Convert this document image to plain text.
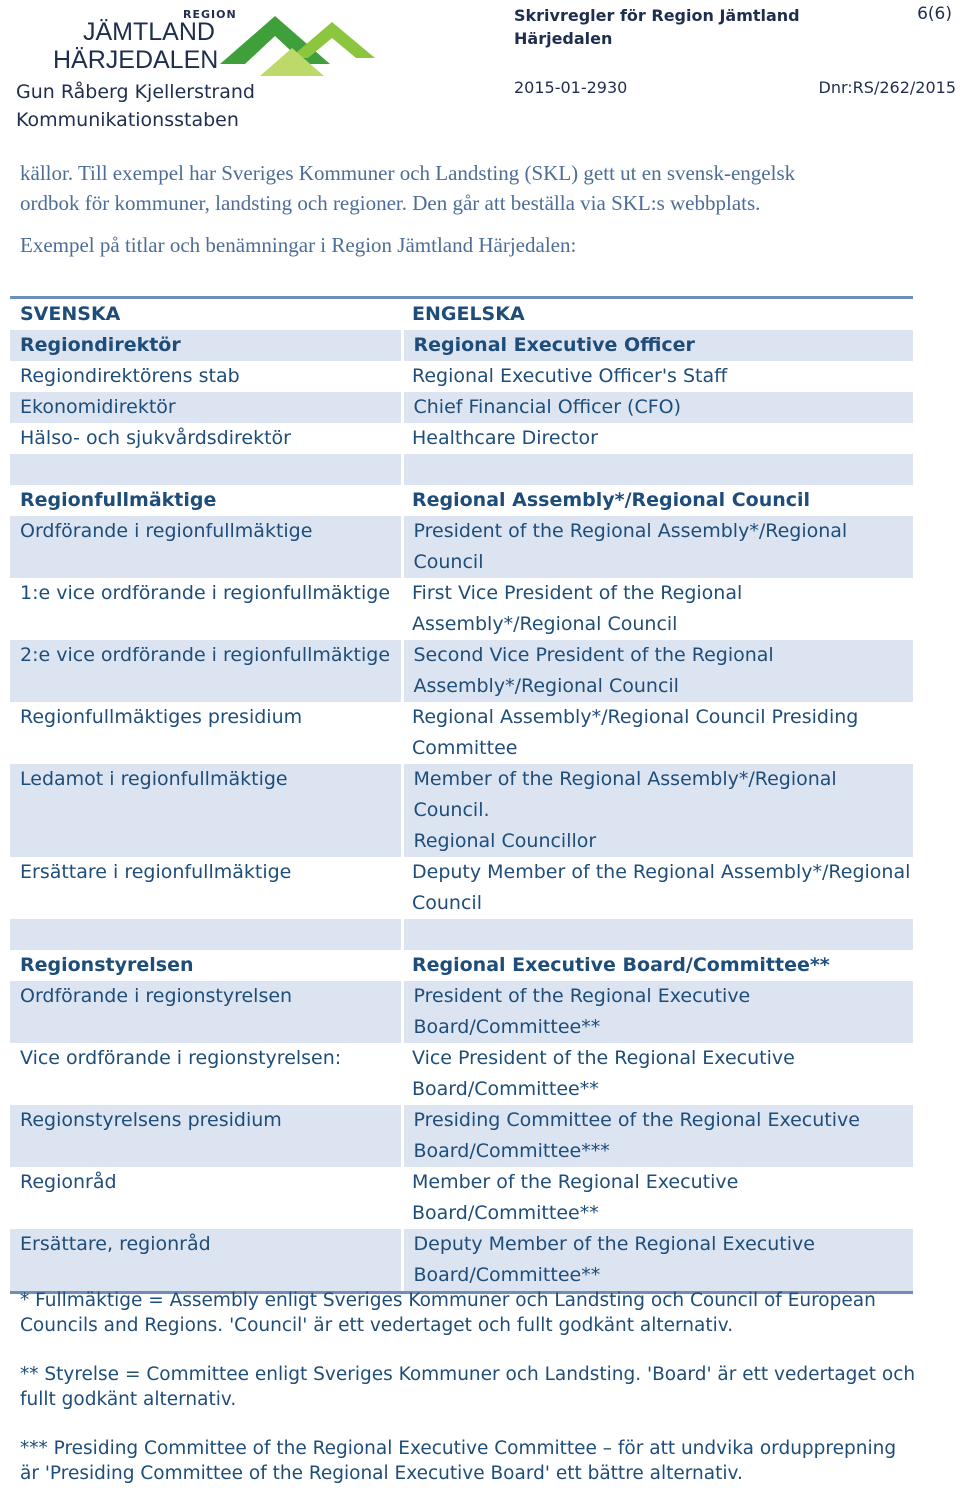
REGION
JÄMTLAND
HÄRJEDALEN
Gun Råberg Kjellerstrand
Kommunikationsstaben
Skrivregler för Region Jämtland Härjedalen
6(6)
2015-01-2930	Dnr:RS/262/2015

källor. Till exempel har Sveriges Kommuner och Landsting (SKL) gett ut en svensk-engelsk

ordbok för kommuner, landsting och regioner. Den går att beställa via SKL:s webbplats.

Exempel på titlar och benämningar i Region Jämtland Härjedalen:

SVENSKA	ENGELSKA
Regiondirektör	Regional Executive Officer
Regiondirektörens stab	Regional Executive Officer's Staff
Ekonomidirektör	Chief Financial Officer (CFO)
Hälso- och sjukvårdsdirektör	Healthcare Director

Regionfullmäktige	Regional Assembly*/Regional Council
Ordförande i regionfullmäktige	President of the Regional Assembly*/Regional
Council
1:e vice ordförande i regionfullmäktige	First Vice President of the Regional
Assembly*/Regional Council
2:e vice ordförande i regionfullmäktige	Second Vice President of the Regional
Assembly*/Regional Council
Regionfullmäktiges presidium	Regional Assembly*/Regional Council Presiding
Committee
Ledamot i regionfullmäktige	Member of the Regional Assembly*/Regional Council.
Regional Councillor
Ersättare i regionfullmäktige	Deputy Member of the Regional Assembly*/Regional
Council

Regionstyrelsen	Regional Executive Board/Committee**
Ordförande i regionstyrelsen	President of the Regional Executive
Board/Committee**
Vice ordförande i regionstyrelsen:	Vice President of the Regional Executive
Board/Committee**
Regionstyrelsens presidium	Presiding Committee of the Regional Executive
Board/Committee***
Regionråd	Member of the Regional Executive
Board/Committee**
Ersättare, regionråd	Deputy Member of the Regional Executive
Board/Committee**

* Fullmäktige = Assembly enligt Sveriges Kommuner och Landsting och Council of European
Councils and Regions. 'Council' är ett vedertaget och fullt godkänt alternativ.

** Styrelse = Committee enligt Sveriges Kommuner och Landsting. 'Board' är ett vedertaget och
fullt godkänt alternativ.

*** Presiding Committee of the Regional Executive Committee – för att undvika ordupprepning
är 'Presiding Committee of the Regional Executive Board' ett bättre alternativ.
